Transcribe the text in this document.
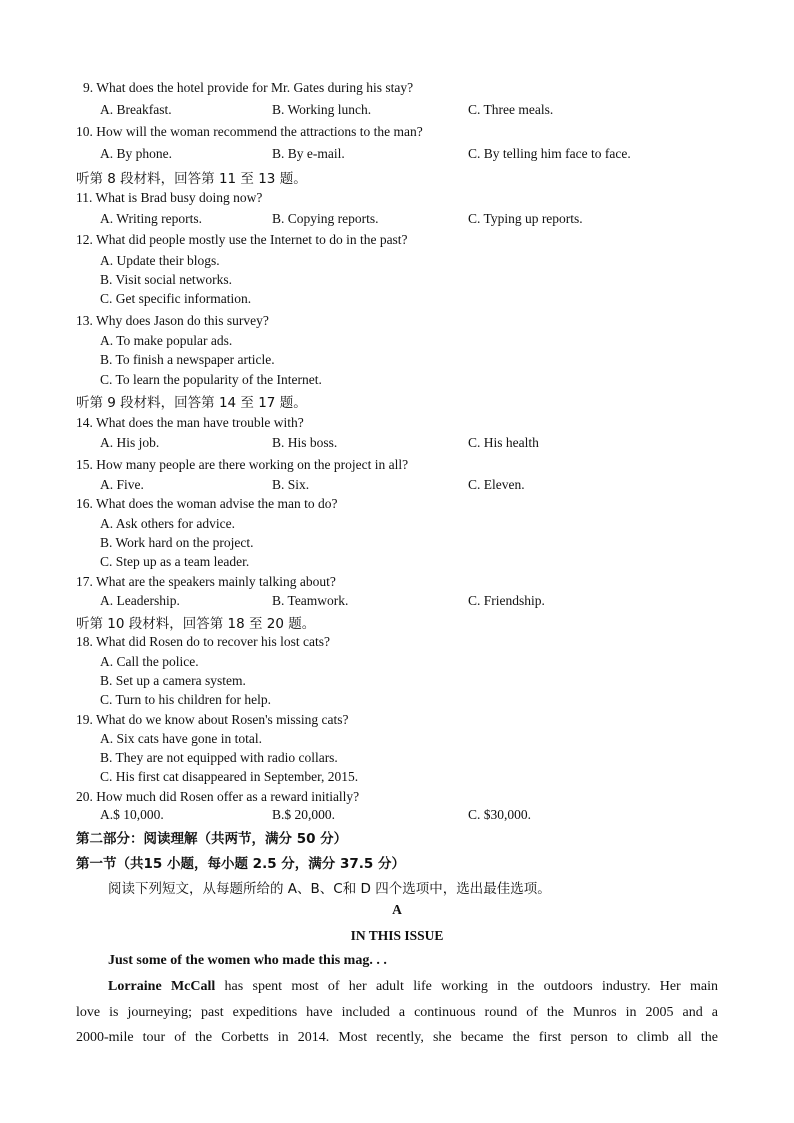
9. What does the hotel provide for Mr. Gates during his stay?
A. Breakfast.	B. Working lunch.	C. Three meals.
10. How will the woman recommend the attractions to the man?
A. By phone.	B. By e-mail.	C. By telling him face to face.
听第 8 段材料，回答第 11 至 13 题。
11. What is Brad busy doing now?
A. Writing reports.	B. Copying reports.	C. Typing up reports.
12. What did people mostly use the Internet to do in the past?
A. Update their blogs.
B. Visit social networks.
C. Get specific information.
13. Why does Jason do this survey?
A. To make popular ads.
B. To finish a newspaper article.
C. To learn the popularity of the Internet.
听第 9 段材料，回答第 14 至 17 题。
14. What does the man have trouble with?
A. His job.	B. His boss.	C. His health
15. How many people are there working on the project in all?
A. Five.	B. Six.	C. Eleven.
16. What does the woman advise the man to do?
A. Ask others for advice.
B. Work hard on the project.
C. Step up as a team leader.
17. What are the speakers mainly talking about?
A. Leadership.	B. Teamwork.	C. Friendship.
听第 10 段材料，回答第 18 至 20 题。
18. What did Rosen do to recover his lost cats?
A. Call the police.
B. Set up a camera system.
C. Turn to his children for help.
19. What do we know about Rosen's missing cats?
A. Six cats have gone in total.
B. They are not equipped with radio collars.
C. His first cat disappeared in September, 2015.
20. How much did Rosen offer as a reward initially?
A.$ 10,000.	B.$ 20,000.	C. $30,000.
第二部分：阅读理解（共两节，满分 50 分）
第一节（共15 小题，每小题 2.5 分，满分 37.5 分）
阅读下列短文，从每题所给的 A、B、C和 D 四个选项中，选出最佳选项。
A
IN THIS ISSUE
Just some of the women who made this mag. . .
Lorraine McCall has spent most of her adult life working in the outdoors industry. Her main
love is journeying; past expeditions have included a continuous round of the Munros in 2005 and a
2000-mile tour of the Corbetts in 2014. Most recently, she became the first person to climb all the
